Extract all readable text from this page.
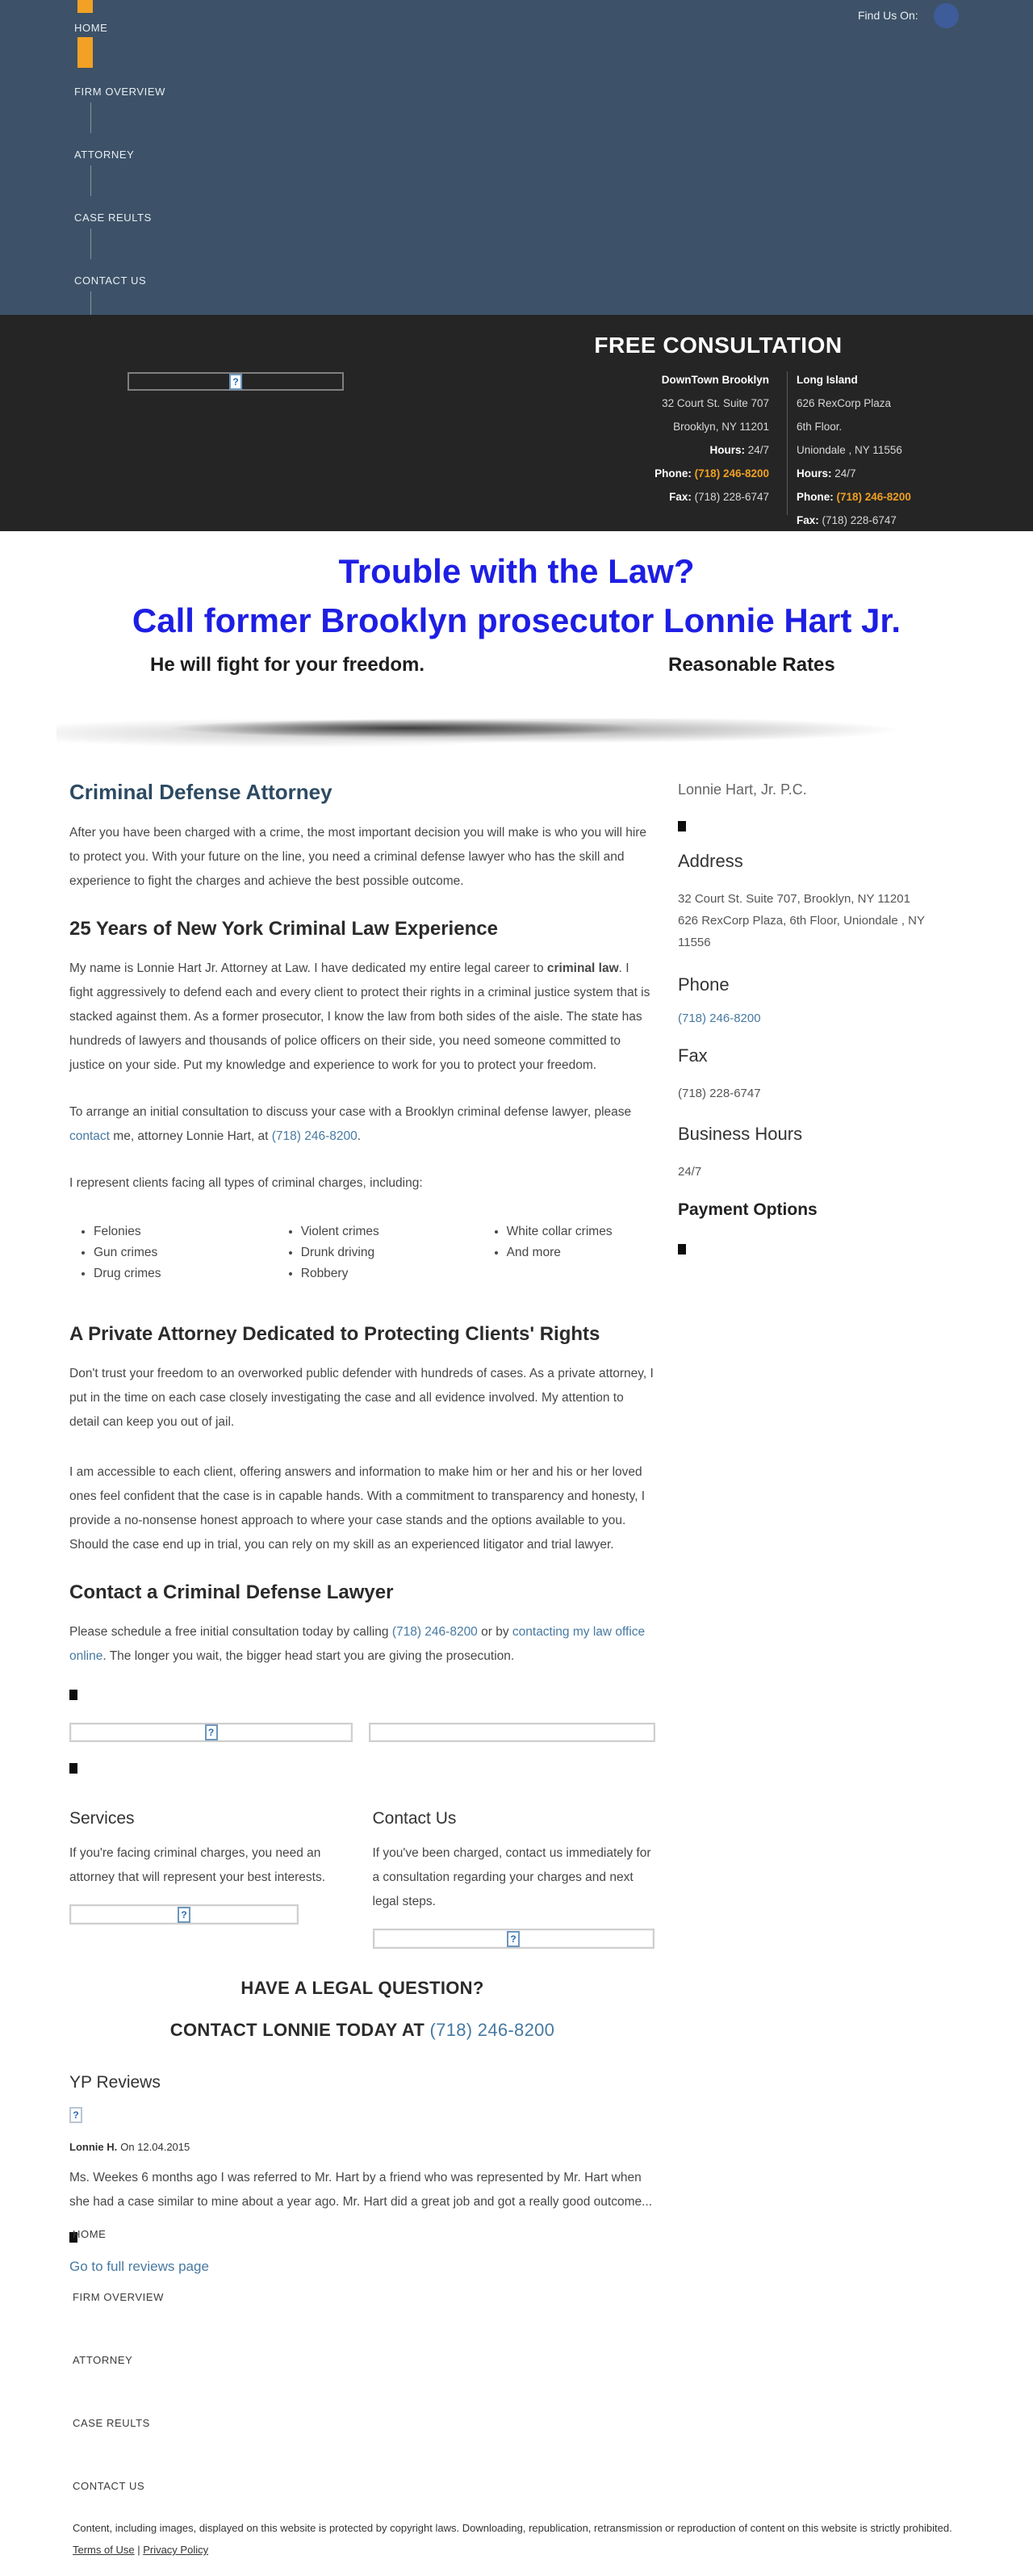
HOME
FIRM OVERVIEW
ATTORNEY
CASE REULTS
CONTACT US
Find Us On:
?
FREE CONSULTATION
DownTown Brooklyn
32 Court St. Suite 707
Brooklyn, NY 11201
Hours: 24/7
Phone: (718) 246-8200
Fax: (718) 228-6747
Long Island
626 RexCorp Plaza
6th Floor.
Uniondale , NY 11556
Hours: 24/7
Phone: (718) 246-8200
Fax: (718) 228-6747
Trouble with the Law?
Call former Brooklyn prosecutor Lonnie Hart Jr.
He will fight for your freedom.	Reasonable Rates
Criminal Defense Attorney

After you have been charged with a crime, the most important decision you will make is who you will hire to protect you. With your future on the line, you need a criminal defense lawyer who has the skill and experience to fight the charges and achieve the best possible outcome.

25 Years of New York Criminal Law Experience

My name is Lonnie Hart Jr. Attorney at Law. I have dedicated my entire legal career to criminal law. I fight aggressively to defend each and every client to protect their rights in a criminal justice system that is stacked against them. As a former prosecutor, I know the law from both sides of the aisle. The state has hundreds of lawyers and thousands of police officers on their side, you need someone committed to justice on your side. Put my knowledge and experience to work for you to protect your freedom.

To arrange an initial consultation to discuss your case with a Brooklyn criminal defense lawyer, please contact me, attorney Lonnie Hart, at (718) 246-8200.

I represent clients facing all types of criminal charges, including:

• Felonies
• Gun crimes
• Drug crimes
• Violent crimes
• Drunk driving
• Robbery
• White collar crimes
• And more
A Private Attorney Dedicated to Protecting Clients' Rights

Don't trust your freedom to an overworked public defender with hundreds of cases. As a private attorney, I put in the time on each case closely investigating the case and all evidence involved. My attention to detail can keep you out of jail.

I am accessible to each client, offering answers and information to make him or her and his or her loved ones feel confident that the case is in capable hands. With a commitment to transparency and honesty, I provide a no-nonsense honest approach to where your case stands and the options available to you. Should the case end up in trial, you can rely on my skill as an experienced litigator and trial lawyer.

Contact a Criminal Defense Lawyer

Please schedule a free initial consultation today by calling (718) 246-8200 or by contacting my law office online. The longer you wait, the bigger head start you are giving the prosecution.

?
Services

If you're facing criminal charges, you need an attorney that will represent your best interests.

?
Contact Us

If you've been charged, contact us immediately for a consultation regarding your charges and next legal steps.

?
HAVE A LEGAL QUESTION?
CONTACT LONNIE TODAY AT (718) 246-8200
YP Reviews
?
Lonnie H. On 12.04.2015

Ms. Weekes 6 months ago I was referred to Mr. Hart by a friend who was represented by Mr. Hart when she had a case similar to mine about a year ago. Mr. Hart did a great job and got a really good outcome...

Go to full reviews page
Lonnie Hart, Jr. P.C.
Address
32 Court St. Suite 707, Brooklyn, NY 11201
626 RexCorp Plaza, 6th Floor, Uniondale , NY 11556
Phone
(718) 246-8200
Fax
(718) 228-6747
Business Hours
24/7
Payment Options
HOME
FIRM OVERVIEW
ATTORNEY
CASE REULTS
CONTACT US
Content, including images, displayed on this website is protected by copyright laws. Downloading, republication, retransmission or reproduction of content on this website is strictly prohibited. Terms of Use | Privacy Policy
